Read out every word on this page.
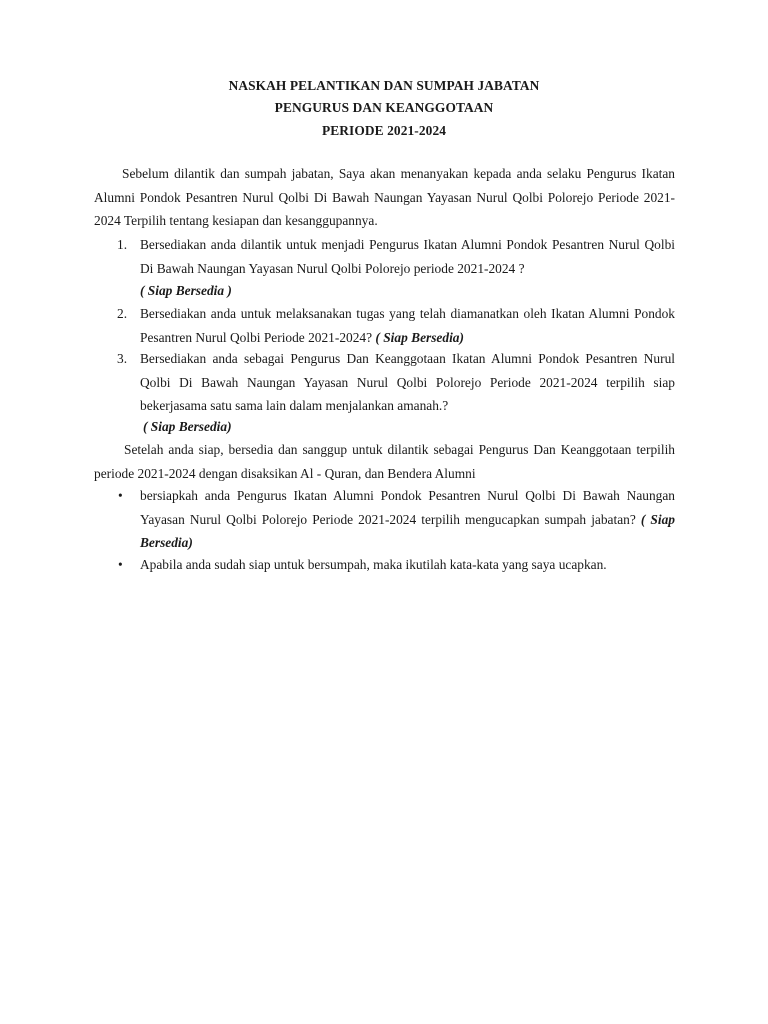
NASKAH PELANTIKAN DAN SUMPAH JABATAN
PENGURUS DAN KEANGGOTAAN
PERIODE 2021-2024

Sebelum dilantik dan sumpah jabatan, Saya akan menanyakan kepada anda selaku Pengurus Ikatan Alumni Pondok Pesantren Nurul Qolbi Di Bawah Naungan Yayasan Nurul Qolbi Polorejo Periode 2021-2024 Terpilih tentang kesiapan dan kesanggupannya.

1. Bersediakan anda dilantik untuk menjadi Pengurus Ikatan Alumni Pondok Pesantren Nurul Qolbi Di Bawah Naungan Yayasan Nurul Qolbi Polorejo periode 2021-2024 ?

( Siap Bersedia )
2. Bersediakan anda untuk melaksanakan tugas yang telah diamanatkan oleh Ikatan Alumni Pondok Pesantren Nurul Qolbi Periode 2021-2024? ( Siap Bersedia)

3. Bersediakan anda sebagai Pengurus Dan Keanggotaan Ikatan Alumni Pondok Pesantren Nurul Qolbi Di Bawah Naungan Yayasan Nurul Qolbi Polorejo Periode 2021-2024 terpilih siap bekerjasama satu sama lain dalam menjalankan amanah.?

( Siap Bersedia)

Setelah anda siap, bersedia dan sanggup untuk dilantik sebagai Pengurus Dan Keanggotaan terpilih periode 2021-2024 dengan disaksikan Al - Quran, dan Bendera Alumni

• bersiapkah anda Pengurus Ikatan Alumni Pondok Pesantren Nurul Qolbi Di Bawah Naungan Yayasan Nurul Qolbi Polorejo Periode 2021-2024 terpilih mengucapkan sumpah jabatan? ( Siap Bersedia)

• Apabila anda sudah siap untuk bersumpah, maka ikutilah kata-kata yang saya ucapkan.
